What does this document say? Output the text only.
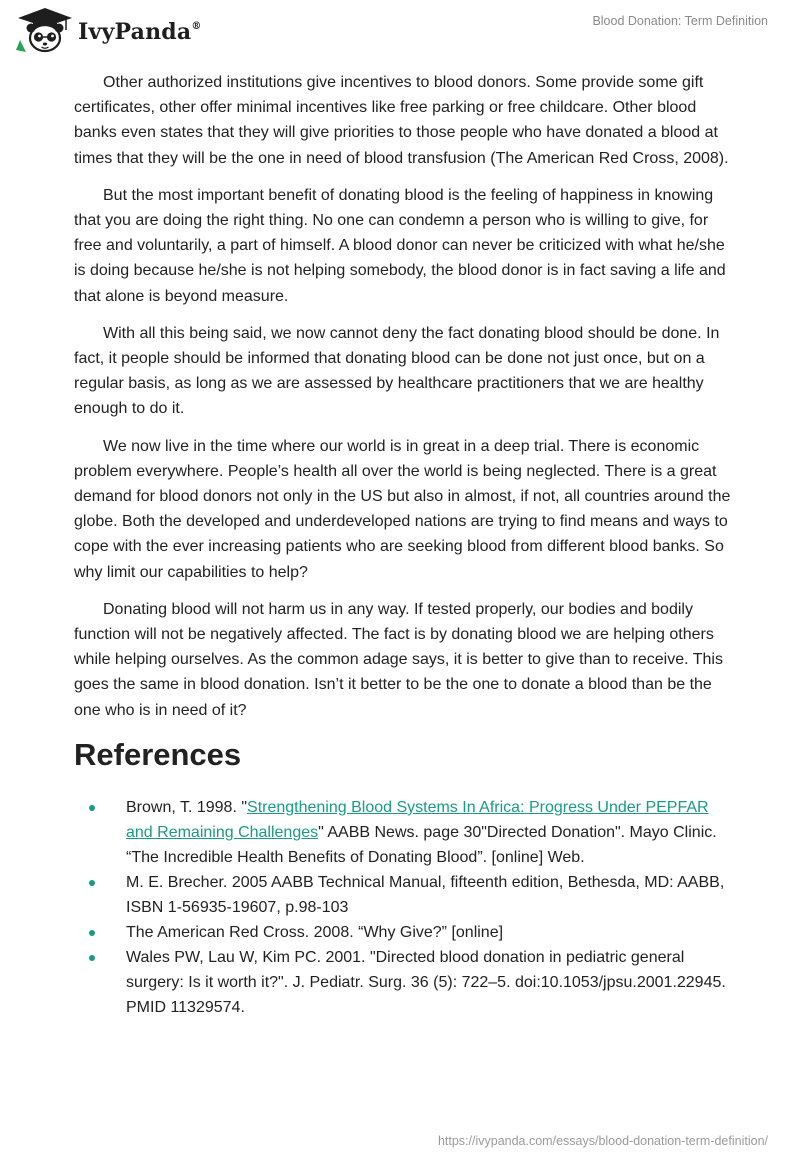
IvyPanda®	Blood Donation: Term Definition

Other authorized institutions give incentives to blood donors. Some provide some gift certificates, other offer minimal incentives like free parking or free childcare. Other blood banks even states that they will give priorities to those people who have donated a blood at times that they will be the one in need of blood transfusion (The American Red Cross, 2008).

But the most important benefit of donating blood is the feeling of happiness in knowing that you are doing the right thing. No one can condemn a person who is willing to give, for free and voluntarily, a part of himself. A blood donor can never be criticized with what he/she is doing because he/she is not helping somebody, the blood donor is in fact saving a life and that alone is beyond measure.

With all this being said, we now cannot deny the fact donating blood should be done. In fact, it people should be informed that donating blood can be done not just once, but on a regular basis, as long as we are assessed by healthcare practitioners that we are healthy enough to do it.

We now live in the time where our world is in great in a deep trial. There is economic problem everywhere. People’s health all over the world is being neglected. There is a great demand for blood donors not only in the US but also in almost, if not, all countries around the globe. Both the developed and underdeveloped nations are trying to find means and ways to cope with the ever increasing patients who are seeking blood from different blood banks. So why limit our capabilities to help?

Donating blood will not harm us in any way. If tested properly, our bodies and bodily function will not be negatively affected. The fact is by donating blood we are helping others while helping ourselves. As the common adage says, it is better to give than to receive. This goes the same in blood donation. Isn’t it better to be the one to donate a blood than be the one who is in need of it?

References
Brown, T. 1998. "Strengthening Blood Systems In Africa: Progress Under PEPFAR and Remaining Challenges" AABB News. page 30"Directed Donation". Mayo Clinic. “The Incredible Health Benefits of Donating Blood”. [online] Web.
M. E. Brecher. 2005 AABB Technical Manual, fifteenth edition, Bethesda, MD: AABB, ISBN 1-56935-19607, p.98-103
The American Red Cross. 2008. “Why Give?” [online]
Wales PW, Lau W, Kim PC. 2001. "Directed blood donation in pediatric general surgery: Is it worth it?". J. Pediatr. Surg. 36 (5): 722–5. doi:10.1053/jpsu.2001.22945. PMID 11329574.
https://ivypanda.com/essays/blood-donation-term-definition/
